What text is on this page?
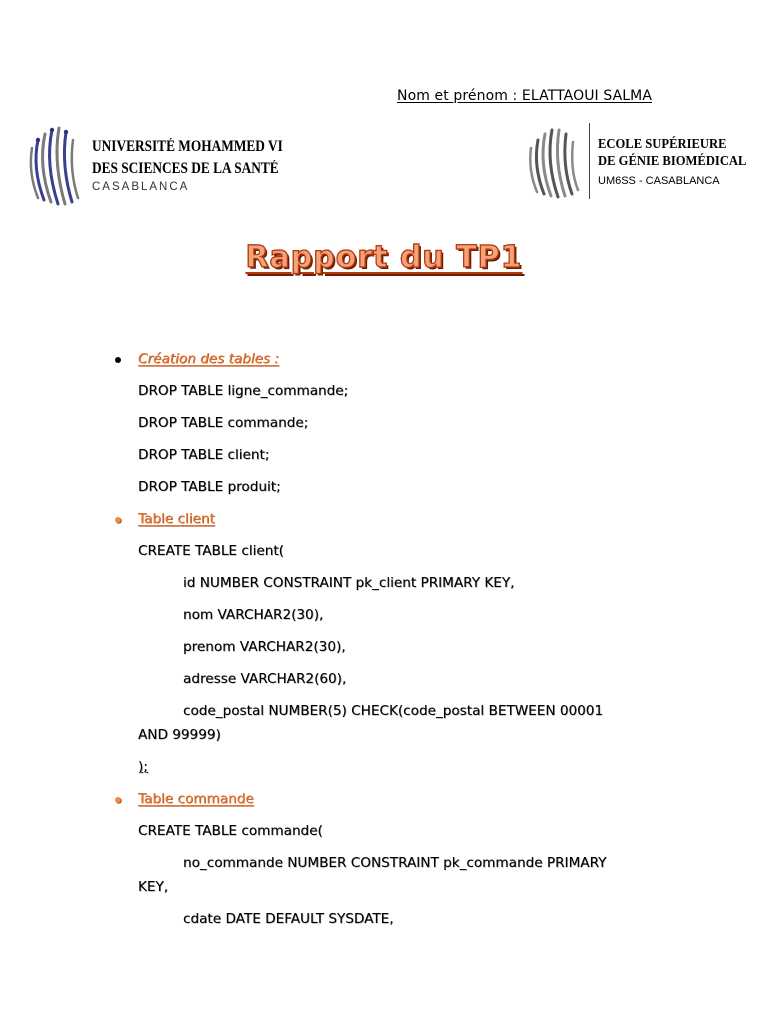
Nom et prénom : ELATTAOUI SALMA
UNIVERSITÉ MOHAMMED VI
DES SCIENCES DE LA SANTÉ
CASABLANCA
ECOLE SUPÉRIEURE
DE GÉNIE BIOMÉDICAL
UM6SS - CASABLANCA
Rapport du TP1
Création des tables :
DROP TABLE ligne_commande;
DROP TABLE commande;
DROP TABLE client;
DROP TABLE produit;
Table client
CREATE TABLE client(
id NUMBER CONSTRAINT pk_client PRIMARY KEY,
nom VARCHAR2(30),
prenom VARCHAR2(30),
adresse VARCHAR2(60),
code_postal NUMBER(5) CHECK(code_postal BETWEEN 00001
AND 99999)
);
Table commande
CREATE TABLE commande(
no_commande NUMBER CONSTRAINT pk_commande PRIMARY
KEY,
cdate DATE DEFAULT SYSDATE,
